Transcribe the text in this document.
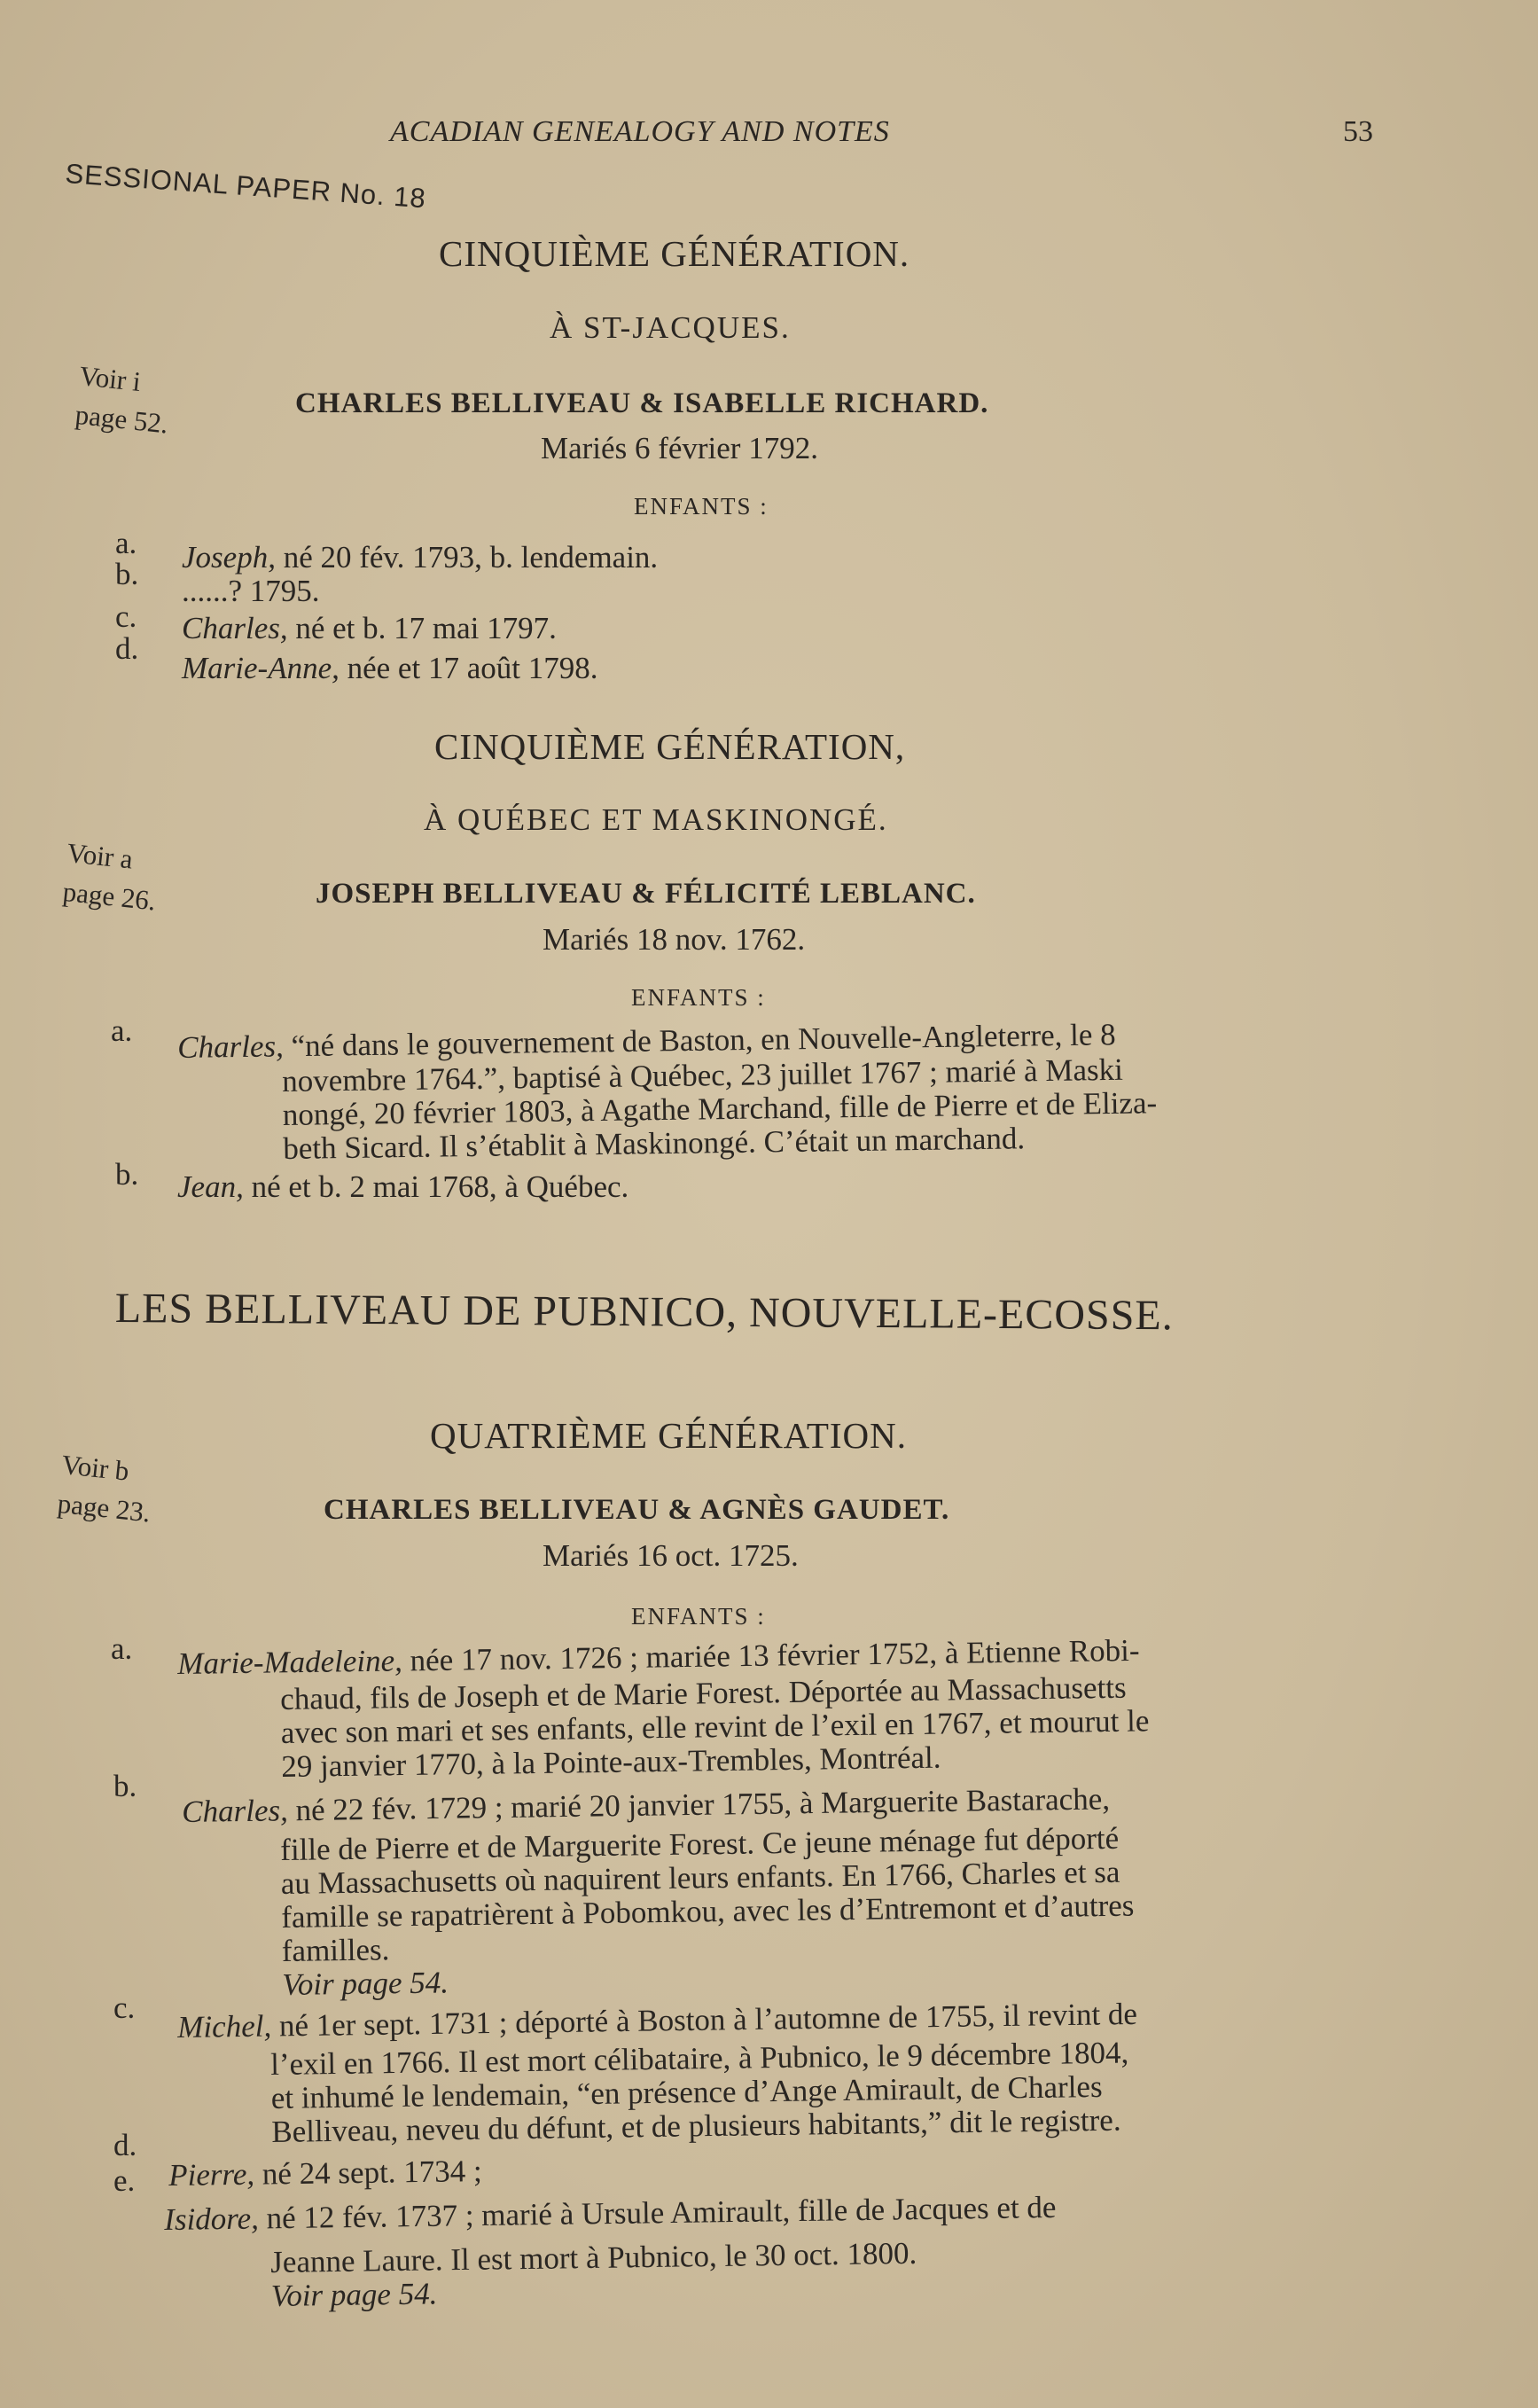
ACADIAN GENEALOGY AND NOTES	53
SESSIONAL PAPER No. 18
CINQUIÈME GÉNÉRATION.
À ST-JACQUES.
Voir i
page 52.	CHARLES BELLIVEAU & ISABELLE RICHARD.
Mariés 6 février 1792.
ENFANTS :
a. Joseph, né 20 fév. 1793, b. lendemain.
b. ......? 1795.
c. Charles, né et b. 17 mai 1797.
d.
Marie-Anne, née et 17 août 1798.
CINQUIÈME GÉNÉRATION,
À QUÉBEC ET MASKINONGÉ.
Voir a
page 26.	JOSEPH BELLIVEAU & FÉLICITÉ LEBLANC.
Mariés 18 nov. 1762.
ENFANTS :
a. Charles, “né dans le gouvernement de Baston, en Nouvelle-Angleterre, le 8
novembre 1764.”, baptisé à Québec, 23 juillet 1767 ; marié à Maski
nongé, 20 février 1803, à Agathe Marchand, fille de Pierre et de Eliza-
beth Sicard. Il s’établit à Maskinongé. C’était un marchand.
b. Jean, né et b. 2 mai 1768, à Québec.
LES BELLIVEAU DE PUBNICO, NOUVELLE-ECOSSE.
QUATRIÈME GÉNÉRATION.
Voir b
page 23.	CHARLES BELLIVEAU & AGNÈS GAUDET.
Mariés 16 oct. 1725.
ENFANTS :
a. Marie-Madeleine, née 17 nov. 1726 ; mariée 13 février 1752, à Etienne Robi-
chaud, fils de Joseph et de Marie Forest. Déportée au Massachusetts
avec son mari et ses enfants, elle revint de l’exil en 1767, et mourut le
29 janvier 1770, à la Pointe-aux-Trembles, Montréal.
b.
Charles, né 22 fév. 1729 ; marié 20 janvier 1755, à Marguerite Bastarache,
fille de Pierre et de Marguerite Forest. Ce jeune ménage fut déporté
au Massachusetts où naquirent leurs enfants. En 1766, Charles et sa
famille se rapatrièrent à Pobomkou, avec les d’Entremont et d’autres
familles.
Voir page 54.
c.
Michel, né 1er sept. 1731 ; déporté à Boston à l’automne de 1755, il revint de
l’exil en 1766. Il est mort célibataire, à Pubnico, le 9 décembre 1804,
et inhumé le lendemain, “en présence d’Ange Amirault, de Charles
Belliveau, neveu du défunt, et de plusieurs habitants,” dit le registre.
d.
Pierre, né 24 sept. 1734 ;
e.
Isidore, né 12 fév. 1737 ; marié à Ursule Amirault, fille de Jacques et de
Jeanne Laure. Il est mort à Pubnico, le 30 oct. 1800.
Voir page 54.
